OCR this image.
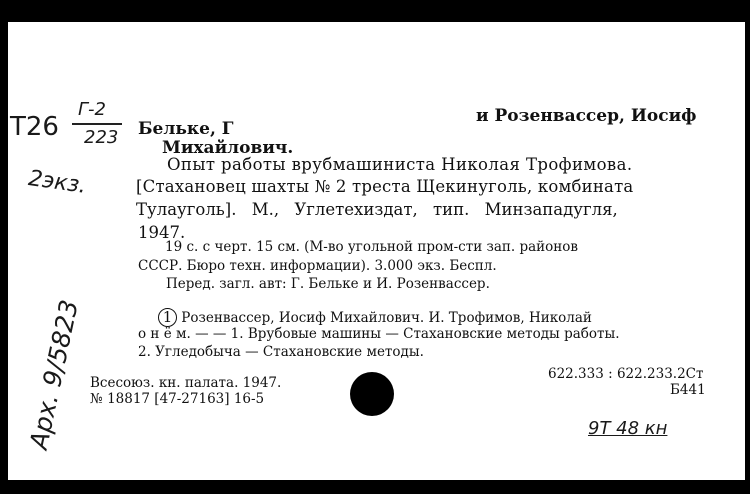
T26
Г-2
223
2экз.
Арх. 9/5823
Бельке, Г
и Розенвассер, Иосиф
Михайлович.
Опыт работы врубмашиниста Николая Трофимова.
[Стахановец шахты № 2 треста Щекинуголь, комбината
Тулауголь]. М., Углетехиздат, тип. Минзападугля,
1947.
19 с. с черт. 15 см. (М-во угольной пром-сти зап. районов
СССР. Бюро техн. информации). 3.000 экз. Беспл.
Перед. загл. авт: Г. Бельке и И. Розенвассер.
1 Розенвассер, Иосиф Михайлович. И. Трофимов, Николай
о н ё м. — — 1. Врубовые машины — Стахановские методы работы.
2. Угледобыча — Стахановские методы.
Всесоюз. кн. палата. 1947.
№ 18817 [47-27163] 16-5
622.333 : 622.233.2Ст
Б441
9Т 48 кн
